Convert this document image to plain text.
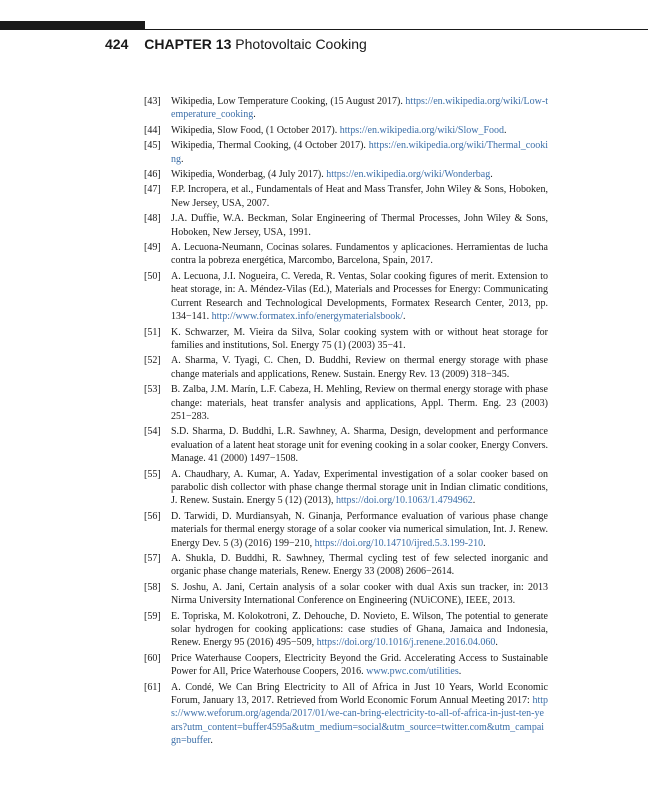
424 CHAPTER 13 Photovoltaic Cooking
[43]	Wikipedia, Low Temperature Cooking, (15 August 2017). https://en.wikipedia.org/wiki/Low-temperature_cooking.
[44]	Wikipedia, Slow Food, (1 October 2017). https://en.wikipedia.org/wiki/Slow_Food.
[45]	Wikipedia, Thermal Cooking, (4 October 2017). https://en.wikipedia.org/wiki/Thermal_cooking.
[46]	Wikipedia, Wonderbag, (4 July 2017). https://en.wikipedia.org/wiki/Wonderbag.
[47]	F.P. Incropera, et al., Fundamentals of Heat and Mass Transfer, John Wiley & Sons, Hoboken, New Jersey, USA, 2007.
[48]	J.A. Duffie, W.A. Beckman, Solar Engineering of Thermal Processes, John Wiley & Sons, Hoboken, New Jersey, USA, 1991.
[49]	A. Lecuona-Neumann, Cocinas solares. Fundamentos y aplicaciones. Herramientas de lucha contra la pobreza energética, Marcombo, Barcelona, Spain, 2017.
[50]	A. Lecuona, J.I. Nogueira, C. Vereda, R. Ventas, Solar cooking figures of merit. Extension to heat storage, in: A. Méndez-Vilas (Ed.), Materials and Processes for Energy: Communicating Current Research and Technological Developments, Formatex Research Center, 2013, pp. 134−141. http://www.formatex.info/energymaterialsbook/.
[51]	K. Schwarzer, M. Vieira da Silva, Solar cooking system with or without heat storage for families and institutions, Sol. Energy 75 (1) (2003) 35−41.
[52]	A. Sharma, V. Tyagi, C. Chen, D. Buddhi, Review on thermal energy storage with phase change materials and applications, Renew. Sustain. Energy Rev. 13 (2009) 318−345.
[53]	B. Zalba, J.M. Marín, L.F. Cabeza, H. Mehling, Review on thermal energy storage with phase change: materials, heat transfer analysis and applications, Appl. Therm. Eng. 23 (2003) 251−283.
[54]	S.D. Sharma, D. Buddhi, L.R. Sawhney, A. Sharma, Design, development and performance evaluation of a latent heat storage unit for evening cooking in a solar cooker, Energy Convers. Manage. 41 (2000) 1497−1508.
[55]	A. Chaudhary, A. Kumar, A. Yadav, Experimental investigation of a solar cooker based on parabolic dish collector with phase change thermal storage unit in Indian climatic conditions, J. Renew. Sustain. Energy 5 (12) (2013), https://doi.org/10.1063/1.4794962.
[56]	D. Tarwidi, D. Murdiansyah, N. Ginanja, Performance evaluation of various phase change materials for thermal energy storage of a solar cooker via numerical simulation, Int. J. Renew. Energy Dev. 5 (3) (2016) 199−210, https://doi.org/10.14710/ijred.5.3.199-210.
[57]	A. Shukla, D. Buddhi, R. Sawhney, Thermal cycling test of few selected inorganic and organic phase change materials, Renew. Energy 33 (2008) 2606−2614.
[58]	S. Joshu, A. Jani, Certain analysis of a solar cooker with dual Axis sun tracker, in: 2013 Nirma University International Conference on Engineering (NUiCONE), IEEE, 2013.
[59]	E. Topriska, M. Kolokotroni, Z. Dehouche, D. Novieto, E. Wilson, The potential to generate solar hydrogen for cooking applications: case studies of Ghana, Jamaica and Indonesia, Renew. Energy 95 (2016) 495−509, https://doi.org/10.1016/j.renene.2016.04.060.
[60]	Price Waterhause Coopers, Electricity Beyond the Grid. Accelerating Access to Sustainable Power for All, Price Waterhouse Coopers, 2016. www.pwc.com/utilities.
[61]	A. Condé, We Can Bring Electricity to All of Africa in Just 10 Years, World Economic Forum, January 13, 2017. Retrieved from World Economic Forum Annual Meeting 2017: https://www.weforum.org/agenda/2017/01/we-can-bring-electricity-to-all-of-africa-in-just-ten-years?utm_content=buffer4595a&utm_medium=social&utm_source=twitter.com&utm_campaign=buffer.
